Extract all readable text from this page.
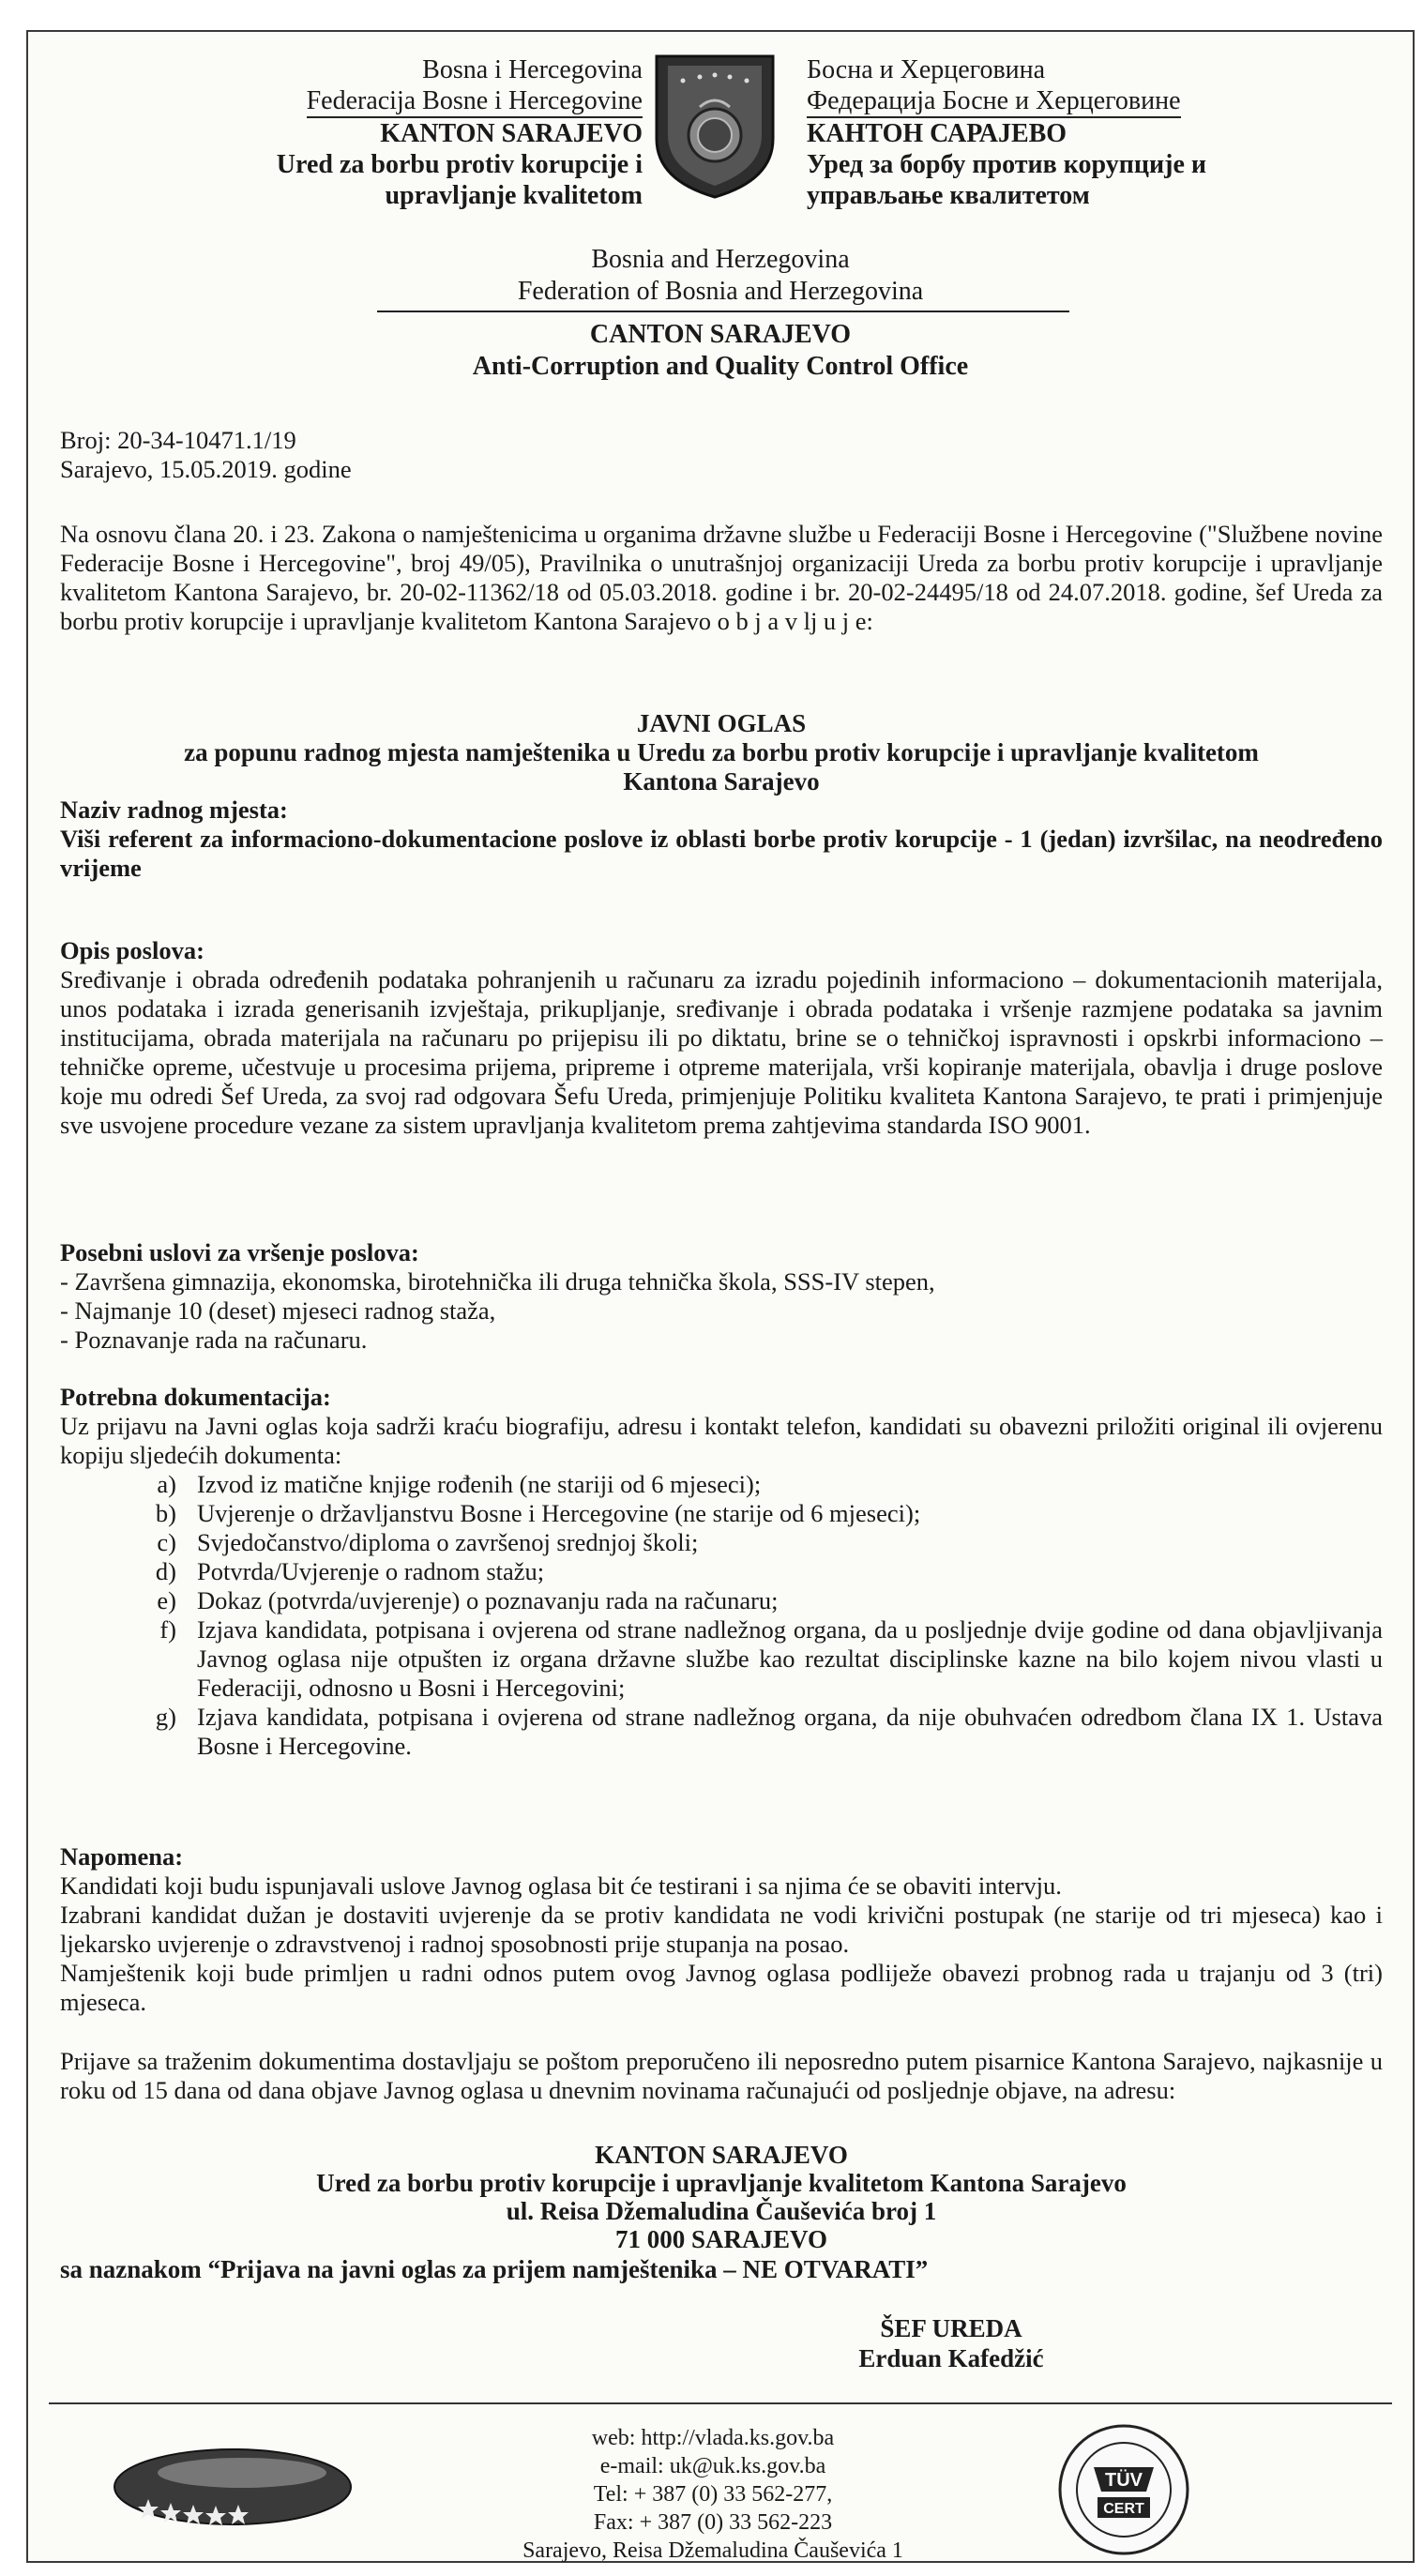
Bosna i Hercegovina
Federacija Bosne i Hercegovine
KANTON SARAJEVO
Ured za borbu protiv korupcije i
upravljanje kvalitetom
Босна и Херцеговина
Федерација Босне и Херцеговине
КАНТОН САРАЈЕВО
Уред за борбу против корупције и
управљање квалитетом
Bosnia and Herzegovina
Federation of Bosnia and Herzegovina
CANTON SARAJEVO
Anti-Corruption and Quality Control Office
Broj: 20-34-10471.1/19
Sarajevo, 15.05.2019. godine
Na osnovu člana 20. i 23. Zakona o namještenicima u organima državne službe u Federaciji Bosne i Hercegovine ("Službene novine Federacije Bosne i Hercegovine", broj 49/05), Pravilnika o unutrašnjoj organizaciji Ureda za borbu protiv korupcije i upravljanje kvalitetom Kantona Sarajevo, br. 20-02-11362/18 od 05.03.2018. godine i br. 20-02-24495/18 od 24.07.2018. godine, šef Ureda za borbu protiv korupcije i upravljanje kvalitetom Kantona Sarajevo o b j a v lj u j e:
JAVNI OGLAS
za popunu radnog mjesta namještenika u Uredu za borbu protiv korupcije i upravljanje kvalitetom
Kantona Sarajevo
Naziv radnog mjesta:
Viši referent za informaciono-dokumentacione poslove iz oblasti borbe protiv korupcije - 1 (jedan) izvršilac, na neodređeno vrijeme
Opis poslova:
Sređivanje i obrada određenih podataka pohranjenih u računaru za izradu pojedinih informaciono – dokumentacionih materijala, unos podataka i izrada generisanih izvještaja, prikupljanje, sređivanje i obrada podataka i vršenje razmjene podataka sa javnim institucijama, obrada materijala na računaru po prijepisu ili po diktatu, brine se o tehničkoj ispravnosti i opskrbi informaciono – tehničke opreme, učestvuje u procesima prijema, pripreme i otpreme materijala, vrši kopiranje materijala, obavlja i druge poslove koje mu odredi Šef Ureda, za svoj rad odgovara Šefu Ureda, primjenjuje Politiku kvaliteta Kantona Sarajevo, te prati i primjenjuje sve usvojene procedure vezane za sistem upravljanja kvalitetom prema zahtjevima standarda ISO 9001.
Posebni uslovi za vršenje poslova:
- Završena gimnazija, ekonomska, birotehnička ili druga tehnička škola, SSS-IV stepen,
- Najmanje 10 (deset) mjeseci radnog staža,
- Poznavanje rada na računaru.
Potrebna dokumentacija:
Uz prijavu na Javni oglas koja sadrži kraću biografiju, adresu i kontakt telefon, kandidati su obavezni priložiti original ili ovjerenu kopiju sljedećih dokumenta:
a) Izvod iz matične knjige rođenih (ne stariji od 6 mjeseci);
b) Uvjerenje o državljanstvu Bosne i Hercegovine (ne starije od 6 mjeseci);
c) Svjedočanstvo/diploma o završenoj srednjoj školi;
d) Potvrda/Uvjerenje o radnom stažu;
e) Dokaz (potvrda/uvjerenje) o poznavanju rada na računaru;
f) Izjava kandidata, potpisana i ovjerena od strane nadležnog organa, da u posljednje dvije godine od dana objavljivanja Javnog oglasa nije otpušten iz organa državne službe kao rezultat disciplinske kazne na bilo kojem nivou vlasti u Federaciji, odnosno u Bosni i Hercegovini;
g) Izjava kandidata, potpisana i ovjerena od strane nadležnog organa, da nije obuhvaćen odredbom člana IX 1. Ustava Bosne i Hercegovine.
Napomena:
Kandidati koji budu ispunjavali uslove Javnog oglasa bit će testirani i sa njima će se obaviti intervju.
Izabrani kandidat dužan je dostaviti uvjerenje da se protiv kandidata ne vodi krivični postupak (ne starije od tri mjeseca) kao i ljekarsko uvjerenje o zdravstvenoj i radnoj sposobnosti prije stupanja na posao.
Namještenik koji bude primljen u radni odnos putem ovog Javnog oglasa podliježe obavezi probnog rada u trajanju od 3 (tri) mjeseca.
Prijave sa traženim dokumentima dostavljaju se poštom preporučeno ili neposredno putem pisarnice Kantona Sarajevo, najkasnije u roku od 15 dana od dana objave Javnog oglasa u dnevnim novinama računajući od posljednje objave, na adresu:
KANTON SARAJEVO
Ured za borbu protiv korupcije i upravljanje kvalitetom Kantona Sarajevo
ul. Reisa Džemaludina Čauševića broj 1
71 000 SARAJEVO
sa naznakom “Prijava na javni oglas za prijem namještenika – NE OTVARATI”
ŠEF UREDA
Erduan Kafedžić
web: http://vlada.ks.gov.ba
e-mail: uk@uk.ks.gov.ba
Tel: + 387 (0) 33 562-277,
Fax: + 387 (0) 33 562-223
Sarajevo, Reisa Džemaludina Čauševića 1
TÜV
CERT
